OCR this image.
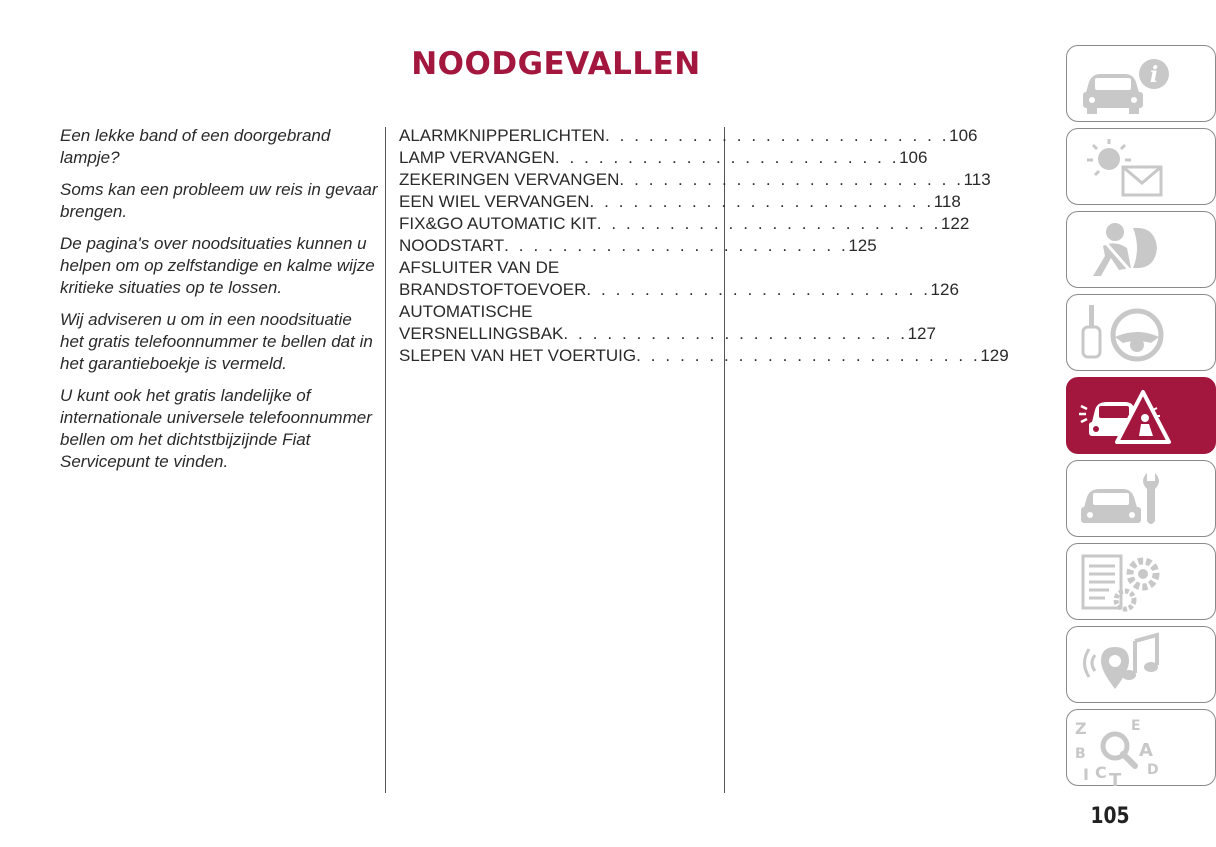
NOODGEVALLEN

Een lekke band of een doorgebrand lampje?

Soms kan een probleem uw reis in gevaar brengen.

De pagina's over noodsituaties kunnen u helpen om op zelfstandige en kalme wijze kritieke situaties op te lossen.

Wij adviseren u om in een noodsituatie het gratis telefoonnummer te bellen dat in het garantieboekje is vermeld.

U kunt ook het gratis landelijke of internationale universele telefoonnummer bellen om het dichtstbijzijnde Fiat Servicepunt te vinden.

ALARMKNIPPERLICHTEN . . . . . . . . . . . . . . . . . . . . . . . . 106
LAMP VERVANGEN . . . . . . . . . . . . . . . . . . . . . . . . 106
ZEKERINGEN VERVANGEN . . . . . . . . . . . . . . . . . . . . . . . . 113
EEN WIEL VERVANGEN . . . . . . . . . . . . . . . . . . . . . . . . 118
FIX&GO AUTOMATIC KIT . . . . . . . . . . . . . . . . . . . . . . . . 122
NOODSTART . . . . . . . . . . . . . . . . . . . . . . . . 125
AFSLUITER VAN DE
BRANDSTOFTOEVOER . . . . . . . . . . . . . . . . . . . . . . . . 126
AUTOMATISCHE
VERSNELLINGSBAK . . . . . . . . . . . . . . . . . . . . . . . . 127
SLEPEN VAN HET VOERTUIG . . . . . . . . . . . . . . . . . . . . . . . . 129
i
Z	E
B	A
I C T D
105
